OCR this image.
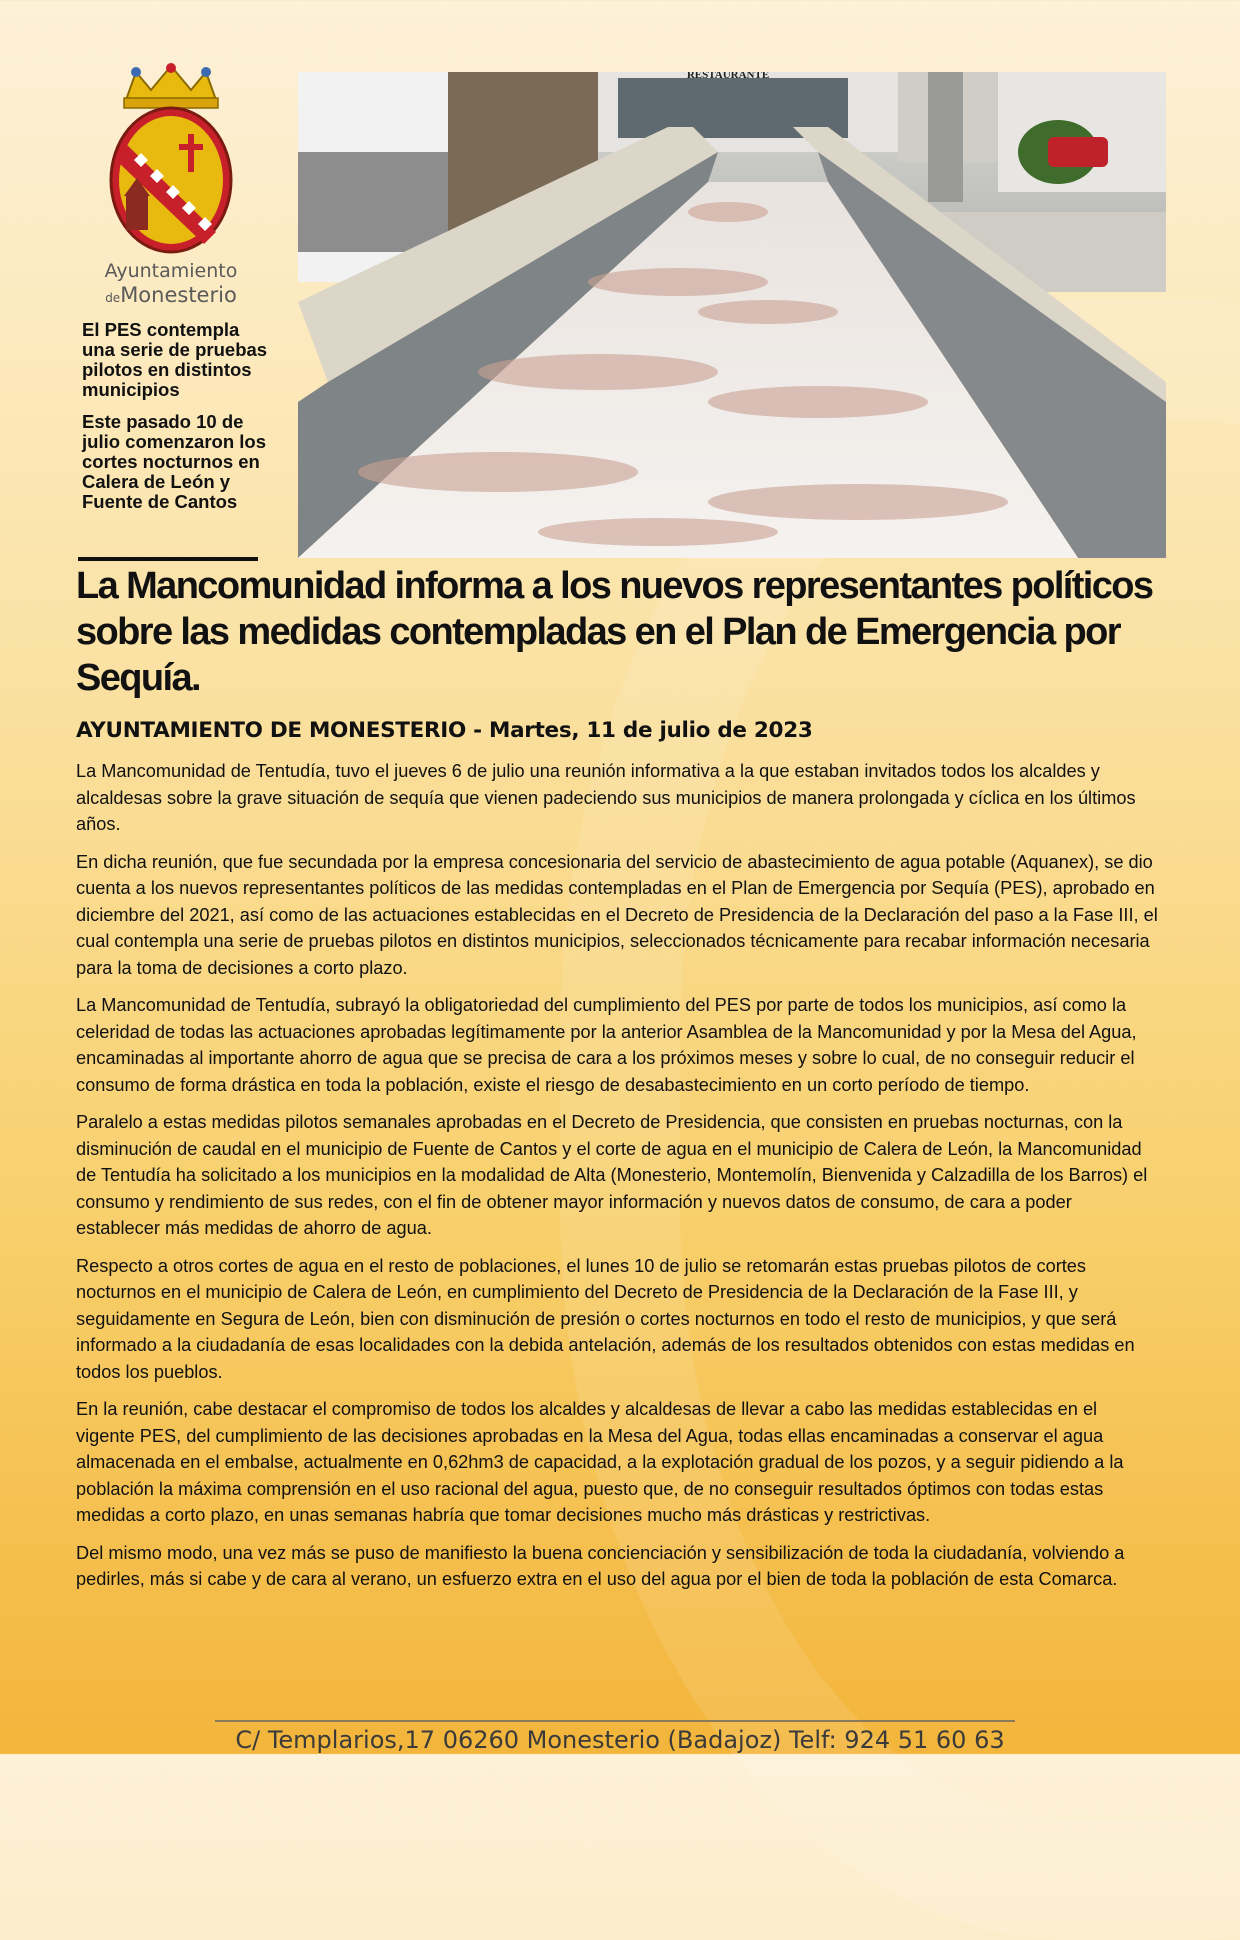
Ayuntamiento
deMonesterio

El PES contempla una serie de pruebas pilotos en distintos municipios

Este pasado 10 de julio comenzaron los cortes nocturnos en Calera de León y Fuente de Cantos

RESTAURANTE
La Mancomunidad informa a los nuevos representantes políticos sobre las medidas contempladas en el Plan de Emergencia por Sequía.

AYUNTAMIENTO DE MONESTERIO - Martes, 11 de julio de 2023

La Mancomunidad de Tentudía, tuvo el jueves 6 de julio una reunión informativa a la que estaban invitados todos los alcaldes y alcaldesas sobre la grave situación de sequía que vienen padeciendo sus municipios de manera prolongada y cíclica en los últimos años.

En dicha reunión, que fue secundada por la empresa concesionaria del servicio de abastecimiento de agua potable (Aquanex), se dio cuenta a los nuevos representantes políticos de las medidas contempladas en el Plan de Emergencia por Sequía (PES), aprobado en diciembre del 2021, así como de las actuaciones establecidas en el Decreto de Presidencia de la Declaración del paso a la Fase III, el cual contempla una serie de pruebas pilotos en distintos municipios, seleccionados técnicamente para recabar información necesaria para la toma de decisiones a corto plazo.

La Mancomunidad de Tentudía, subrayó la obligatoriedad del cumplimiento del PES por parte de todos los municipios, así como la celeridad de todas las actuaciones aprobadas legítimamente por la anterior Asamblea de la Mancomunidad y por la Mesa del Agua, encaminadas al importante ahorro de agua que se precisa de cara a los próximos meses y sobre lo cual, de no conseguir reducir el consumo de forma drástica en toda la población, existe el riesgo de desabastecimiento en un corto período de tiempo.

Paralelo a estas medidas pilotos semanales aprobadas en el Decreto de Presidencia, que consisten en pruebas nocturnas, con la disminución de caudal en el municipio de Fuente de Cantos y el corte de agua en el municipio de Calera de León, la Mancomunidad de Tentudía ha solicitado a los municipios en la modalidad de Alta (Monesterio, Montemolín, Bienvenida y Calzadilla de los Barros) el consumo y rendimiento de sus redes, con el fin de obtener mayor información y nuevos datos de consumo, de cara a poder establecer más medidas de ahorro de agua.

Respecto a otros cortes de agua en el resto de poblaciones, el lunes 10 de julio se retomarán estas pruebas pilotos de cortes nocturnos en el municipio de Calera de León, en cumplimiento del Decreto de Presidencia de la Declaración de la Fase III, y seguidamente en Segura de León, bien con disminución de presión o cortes nocturnos en todo el resto de municipios, y que será informado a la ciudadanía de esas localidades con la debida antelación, además de los resultados obtenidos con estas medidas en todos los pueblos.

En la reunión, cabe destacar el compromiso de todos los alcaldes y alcaldesas de llevar a cabo las medidas establecidas en el vigente PES, del cumplimiento de las decisiones aprobadas en la Mesa del Agua, todas ellas encaminadas a conservar el agua almacenada en el embalse, actualmente en 0,62hm3 de capacidad, a la explotación gradual de los pozos, y a seguir pidiendo a la población la máxima comprensión en el uso racional del agua, puesto que, de no conseguir resultados óptimos con todas estas medidas a corto plazo, en unas semanas habría que tomar decisiones mucho más drásticas y restrictivas.

Del mismo modo, una vez más se puso de manifiesto la buena concienciación y sensibilización de toda la ciudadanía, volviendo a pedirles, más si cabe y de cara al verano, un esfuerzo extra en el uso del agua por el bien de toda la población de esta Comarca.

C/ Templarios,17 06260 Monesterio (Badajoz) Telf: 924 51 60 63
